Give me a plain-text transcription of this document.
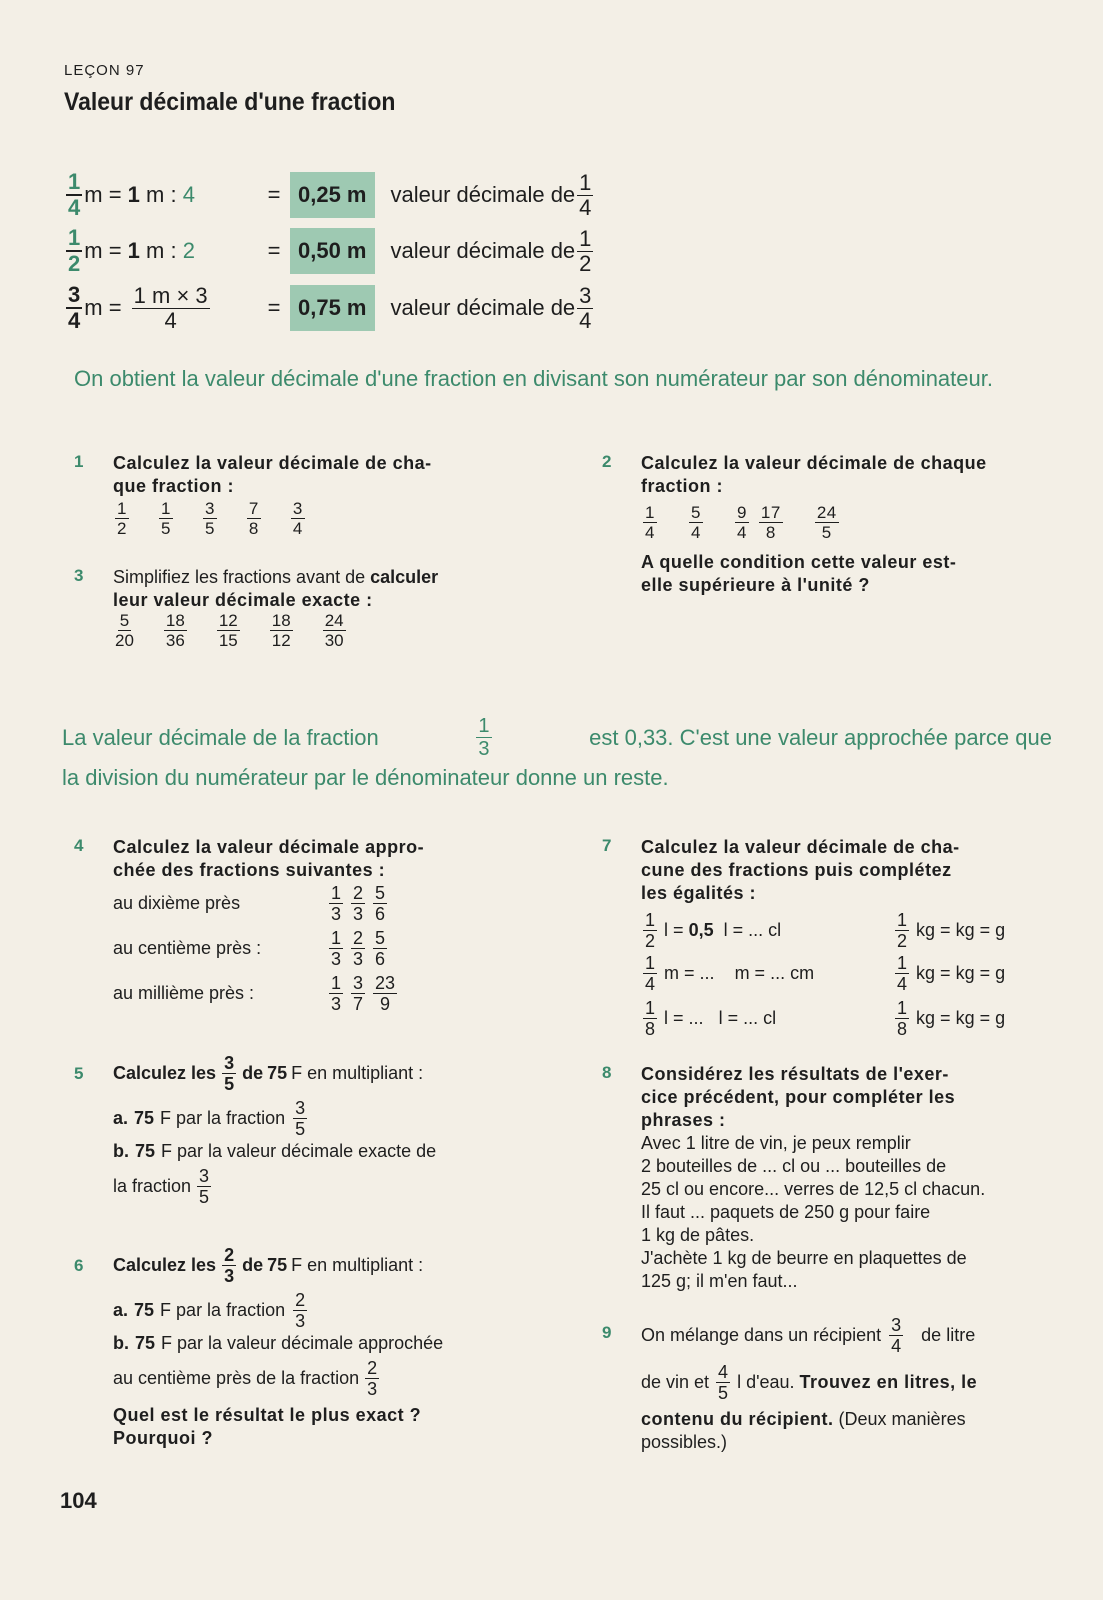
LEÇON 97
Valeur décimale d'une fraction
$\frac{1}{4}$ m = 1 m : 4	= 0,25 m	valeur décimale de $\frac{1}{4}$
$\frac{1}{2}$ m = 1 m : 2	= 0,50 m	valeur décimale de $\frac{1}{2}$
$\frac{3}{4}$ $m = \frac{1 m \times 3}{4}$	= 0,75 m	valeur décimale de $\frac{3}{4}$
On obtient la valeur décimale d'une fraction en divisant son numérateur par son dénominateur.
1 Calculez la valeur décimale de cha-
que fraction :
$\frac{1}{2} \frac{1}{5} \frac{3}{5} \frac{7}{8} \frac{3}{4}$
2 Calculez la valeur décimale de chaque
fraction :
$\frac{1}{4} \frac{5}{4} \frac{9}{4} \frac{17}{8} \frac{24}{5}$
A quelle condition cette valeur est-
elle supérieure à l'unité ?
3 Simplifiez les fractions avant de calculer
leur valeur décimale exacte :
$\frac{5}{20} \frac{18}{36} \frac{12}{15} \frac{18}{12} \frac{24}{30}$
La valeur décimale de la fraction	$\frac{1}{3}$	est 0,33. C'est une valeur approchée parce que
la division du numérateur par le dénominateur donne un reste.
4 Calculez la valeur décimale appro-
chée des fractions suivantes :
au dixième près	$\frac{1}{3}$	$\frac{2}{3}$	$\frac{5}{6}$

au centième près :	$\frac{1}{3}$	$\frac{2}{3}$	$\frac{5}{6}$

au millième près :	$\frac{1}{3}$	$\frac{3}{7}$	$\frac{23}{9}$
5 Calculez les $\frac{3}{5}$ de 75 F en multipliant :
a. 75 F par la fraction $\frac{3}{5}$
b. 75 F par la valeur décimale exacte de
la fraction $\frac{3}{5}$
6 Calculez les $\frac{2}{3}$ de 75 F en multipliant :
a. 75 F par la fraction $\frac{2}{3}$
b. 75 F par la valeur décimale approchée
au centième près de la fraction $\frac{2}{3}$
Quel est le résultat le plus exact ?
Pourquoi ?
7 Calculez la valeur décimale de cha-
cune des fractions puis complétez
les égalités :
$\frac{1}{2}$ l = 0,5 l = ... cl	$\frac{1}{2}$ kg = kg = g
$\frac{1}{4}$ m = ... m = ... cm	$\frac{1}{4}$ kg = kg = g
$\frac{1}{8}$ l = ... l = ... cl	$\frac{1}{8}$ kg = kg = g
8 Considérez les résultats de l'exer-
cice précédent, pour compléter les
phrases :
Avec 1 litre de vin, je peux remplir
2 bouteilles de ... cl ou ... bouteilles de
25 cl ou encore... verres de 12,5 cl chacun.
Il faut ... paquets de 250 g pour faire
1 kg de pâtes.
J'achète 1 kg de beurre en plaquettes de
125 g; il m'en faut...
9 On mélange dans un récipient $\frac{3}{4}$ de litre
de vin et $\frac{4}{5}$ l d'eau. Trouvez en litres, le
contenu du récipient. (Deux manières
possibles.)
104
